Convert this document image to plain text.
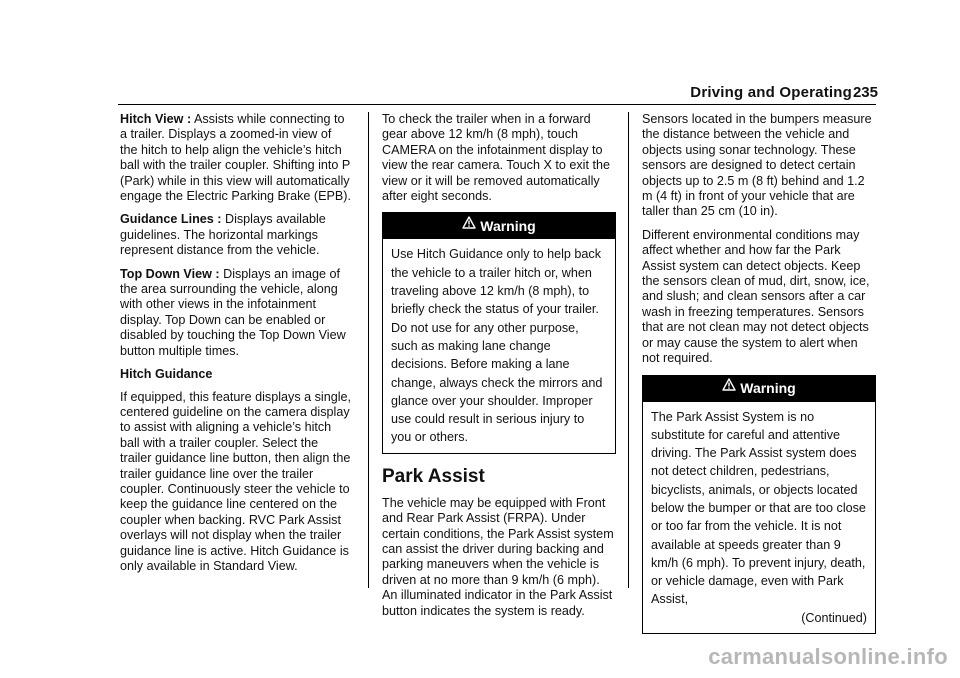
Driving and Operating 235

Hitch View : Assists while connecting to a trailer. Displays a zoomed-in view of the hitch to help align the vehicle’s hitch ball with the trailer coupler. Shifting into P (Park) while in this view will automatically engage the Electric Parking Brake (EPB).

Guidance Lines : Displays available guidelines. The horizontal markings represent distance from the vehicle.

Top Down View : Displays an image of the area surrounding the vehicle, along with other views in the infotainment display. Top Down can be enabled or disabled by touching the Top Down View button multiple times.

Hitch Guidance

If equipped, this feature displays a single, centered guideline on the camera display to assist with aligning a vehicle’s hitch ball with a trailer coupler. Select the trailer guidance line button, then align the trailer guidance line over the trailer coupler. Continuously steer the vehicle to keep the guidance line centered on the coupler when backing. RVC Park Assist overlays will not display when the trailer guidance line is active. Hitch Guidance is only available in Standard View.

To check the trailer when in a forward gear above 12 km/h (8 mph), touch CAMERA on the infotainment display to view the rear camera. Touch X to exit the view or it will be removed automatically after eight seconds.

Warning
Use Hitch Guidance only to help back the vehicle to a trailer hitch or, when traveling above 12 km/h (8 mph), to briefly check the status of your trailer. Do not use for any other purpose, such as making lane change decisions. Before making a lane change, always check the mirrors and glance over your shoulder. Improper use could result in serious injury to you or others.
Park Assist

The vehicle may be equipped with Front and Rear Park Assist (FRPA). Under certain conditions, the Park Assist system can assist the driver during backing and parking maneuvers when the vehicle is driven at no more than 9 km/h (6 mph). An illuminated indicator in the Park Assist button indicates the system is ready.

Sensors located in the bumpers measure the distance between the vehicle and objects using sonar technology. These sensors are designed to detect certain objects up to 2.5 m (8 ft) behind and 1.2 m (4 ft) in front of your vehicle that are taller than 25 cm (10 in).

Different environmental conditions may affect whether and how far the Park Assist system can detect objects. Keep the sensors clean of mud, dirt, snow, ice, and slush; and clean sensors after a car wash in freezing temperatures. Sensors that are not clean may not detect objects or may cause the system to alert when not required.

Warning
The Park Assist System is no substitute for careful and attentive driving. The Park Assist system does not detect children, pedestrians, bicyclists, animals, or objects located below the bumper or that are too close or too far from the vehicle. It is not available at speeds greater than 9 km/h (6 mph). To prevent injury, death, or vehicle damage, even with Park Assist,
(Continued)
carmanualsonline.info
